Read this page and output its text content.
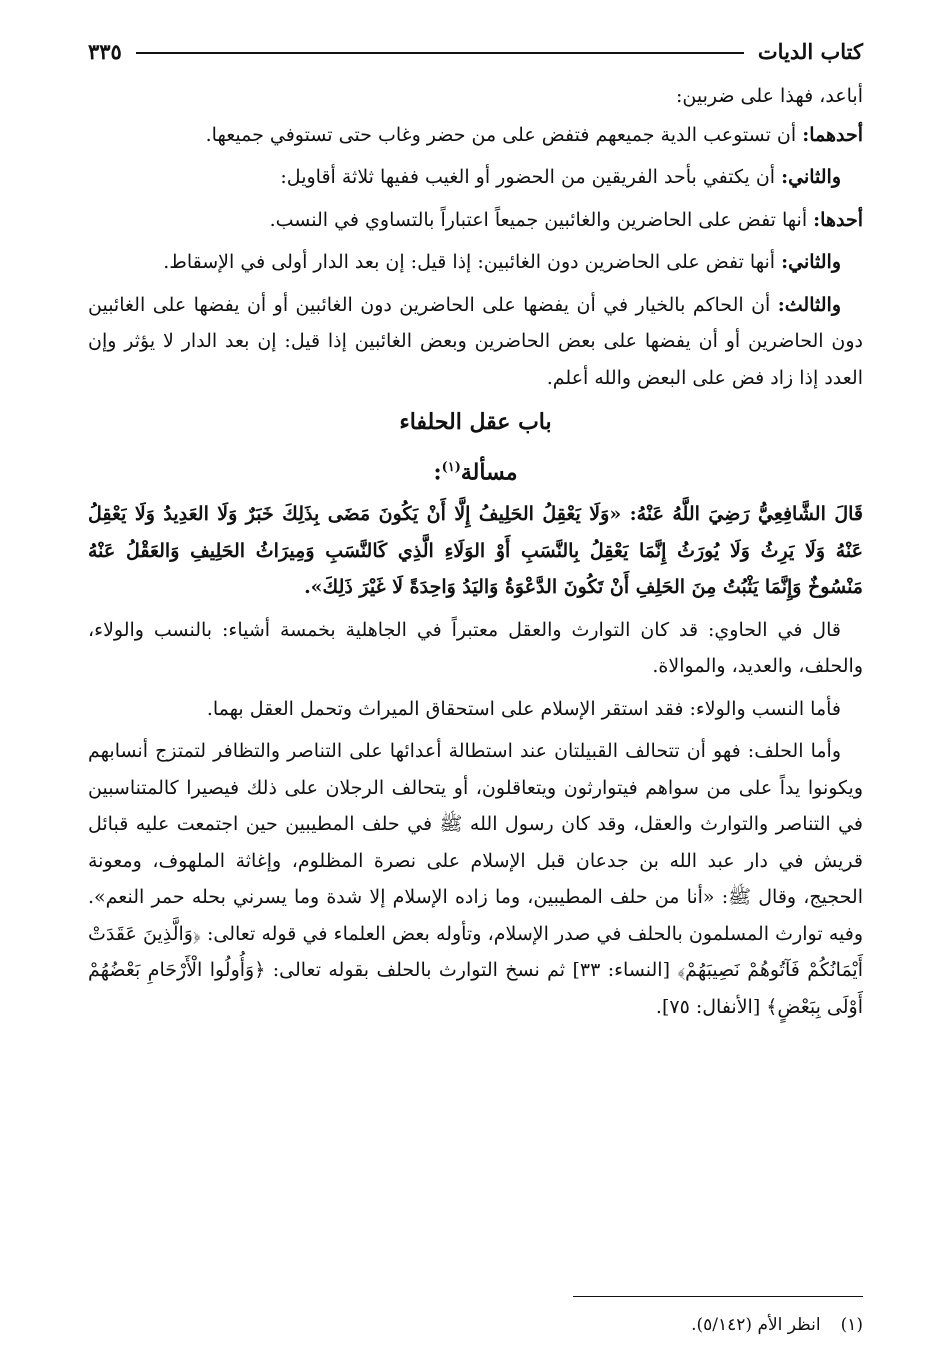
كتاب الديات
٣٣٥

أباعد، فهذا على ضربين:

أحدهما: أن تستوعب الدية جميعهم فتفض على من حضر وغاب حتى تستوفي جميعها.

والثاني: أن يكتفي بأحد الفريقين من الحضور أو الغيب ففيها ثلاثة أقاويل:

أحدها: أنها تفض على الحاضرين والغائبين جميعاً اعتباراً بالتساوي في النسب.

والثاني: أنها تفض على الحاضرين دون الغائبين: إذا قيل: إن بعد الدار أولى في الإسقاط.

والثالث: أن الحاكم بالخيار في أن يفضها على الحاضرين دون الغائبين أو أن يفضها على الغائبين دون الحاضرين أو أن يفضها على بعض الحاضرين وبعض الغائبين إذا قيل: إن بعد الدار لا يؤثر وإن العدد إذا زاد فض على البعض والله أعلم.

باب عقل الحلفاء
مسألة$^{(١)}$:

قَالَ الشَّافِعِيُّ رَضِيَ اللَّهُ عَنْهُ: «وَلَا يَعْقِلُ الحَلِيفُ إِلَّا أَنْ يَكُونَ مَضَى بِذَلِكَ خَبَرٌ وَلَا العَدِيدُ وَلَا يَعْقِلُ عَنْهُ وَلَا يَرِثُ وَلَا يُورَثُ إِنَّمَا يَعْقِلُ بِالنَّسَبِ أَوْ الوَلَاءِ الَّذِي كَالنَّسَبِ وَمِيرَاثُ الحَلِيفِ وَالعَقْلُ عَنْهُ مَنْسُوخٌ وَإِنَّمَا يَثْبُتُ مِنَ الحَلِفِ أَنْ تَكُونَ الدَّعْوَةُ وَاليَدُ وَاحِدَةً لَا غَيْرَ ذَلِكَ».

قال في الحاوي: قد كان التوارث والعقل معتبراً في الجاهلية بخمسة أشياء: بالنسب والولاء، والحلف، والعديد، والموالاة.

فأما النسب والولاء: فقد استقر الإسلام على استحقاق الميراث وتحمل العقل بهما.

وأما الحلف: فهو أن تتحالف القبيلتان عند استطالة أعدائها على التناصر والتظافر لتمتزج أنسابهم ويكونوا يداً على من سواهم فيتوارثون ويتعاقلون، أو يتحالف الرجلان على ذلك فيصيرا كالمتناسبين في التناصر والتوارث والعقل، وقد كان رسول الله ﷺ في حلف المطيبين حين اجتمعت عليه قبائل قريش في دار عبد الله بن جدعان قبل الإسلام على نصرة المظلوم، وإغاثة الملهوف، ومعونة الحجيج، وقال ﷺ: «أنا من حلف المطيبين، وما زاده الإسلام إلا شدة وما يسرني بحله حمر النعم». وفيه توارث المسلمون بالحلف في صدر الإسلام، وتأوله بعض العلماء في قوله تعالى: ﴿وَالَّذِينَ عَقَدَتْ أَيْمَانُكُمْ فَآتُوهُمْ نَصِيبَهُمْ﴾ [النساء: ٣٣] ثم نسخ التوارث بالحلف بقوله تعالى: ﴿وَأُولُوا الْأَرْحَامِ بَعْضُهُمْ أَوْلَى بِبَعْضٍ﴾ [الأنفال: ٧٥].

(١)
انظر الأم (٥/١٤٢).
